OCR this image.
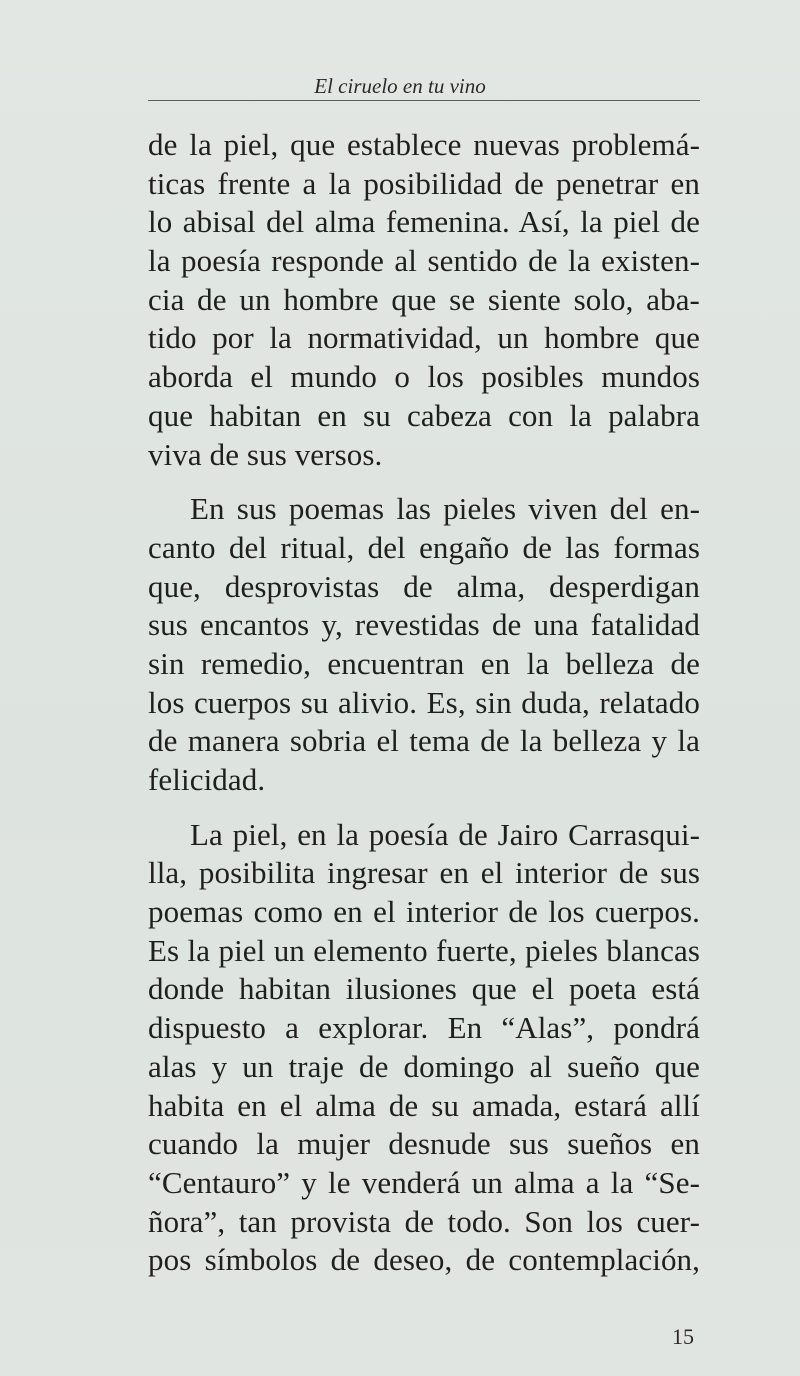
El ciruelo en tu vino

de la piel, que establece nuevas problemá-
ticas frente a la posibilidad de penetrar en
lo abisal del alma femenina. Así, la piel de
la poesía responde al sentido de la existen-
cia de un hombre que se siente solo, aba-
tido por la normatividad, un hombre que
aborda el mundo o los posibles mundos
que habitan en su cabeza con la palabra
viva de sus versos.

En sus poemas las pieles viven del en-
canto del ritual, del engaño de las formas
que, desprovistas de alma, desperdigan
sus encantos y, revestidas de una fatalidad
sin remedio, encuentran en la belleza de
los cuerpos su alivio. Es, sin duda, relatado
de manera sobria el tema de la belleza y la
felicidad.

La piel, en la poesía de Jairo Carrasqui-
lla, posibilita ingresar en el interior de sus
poemas como en el interior de los cuerpos.
Es la piel un elemento fuerte, pieles blancas
donde habitan ilusiones que el poeta está
dispuesto a explorar. En “Alas”, pondrá
alas y un traje de domingo al sueño que
habita en el alma de su amada, estará allí
cuando la mujer desnude sus sueños en
“Centauro” y le venderá un alma a la “Se-
ñora”, tan provista de todo. Son los cuer-
pos símbolos de deseo, de contemplación,

15
